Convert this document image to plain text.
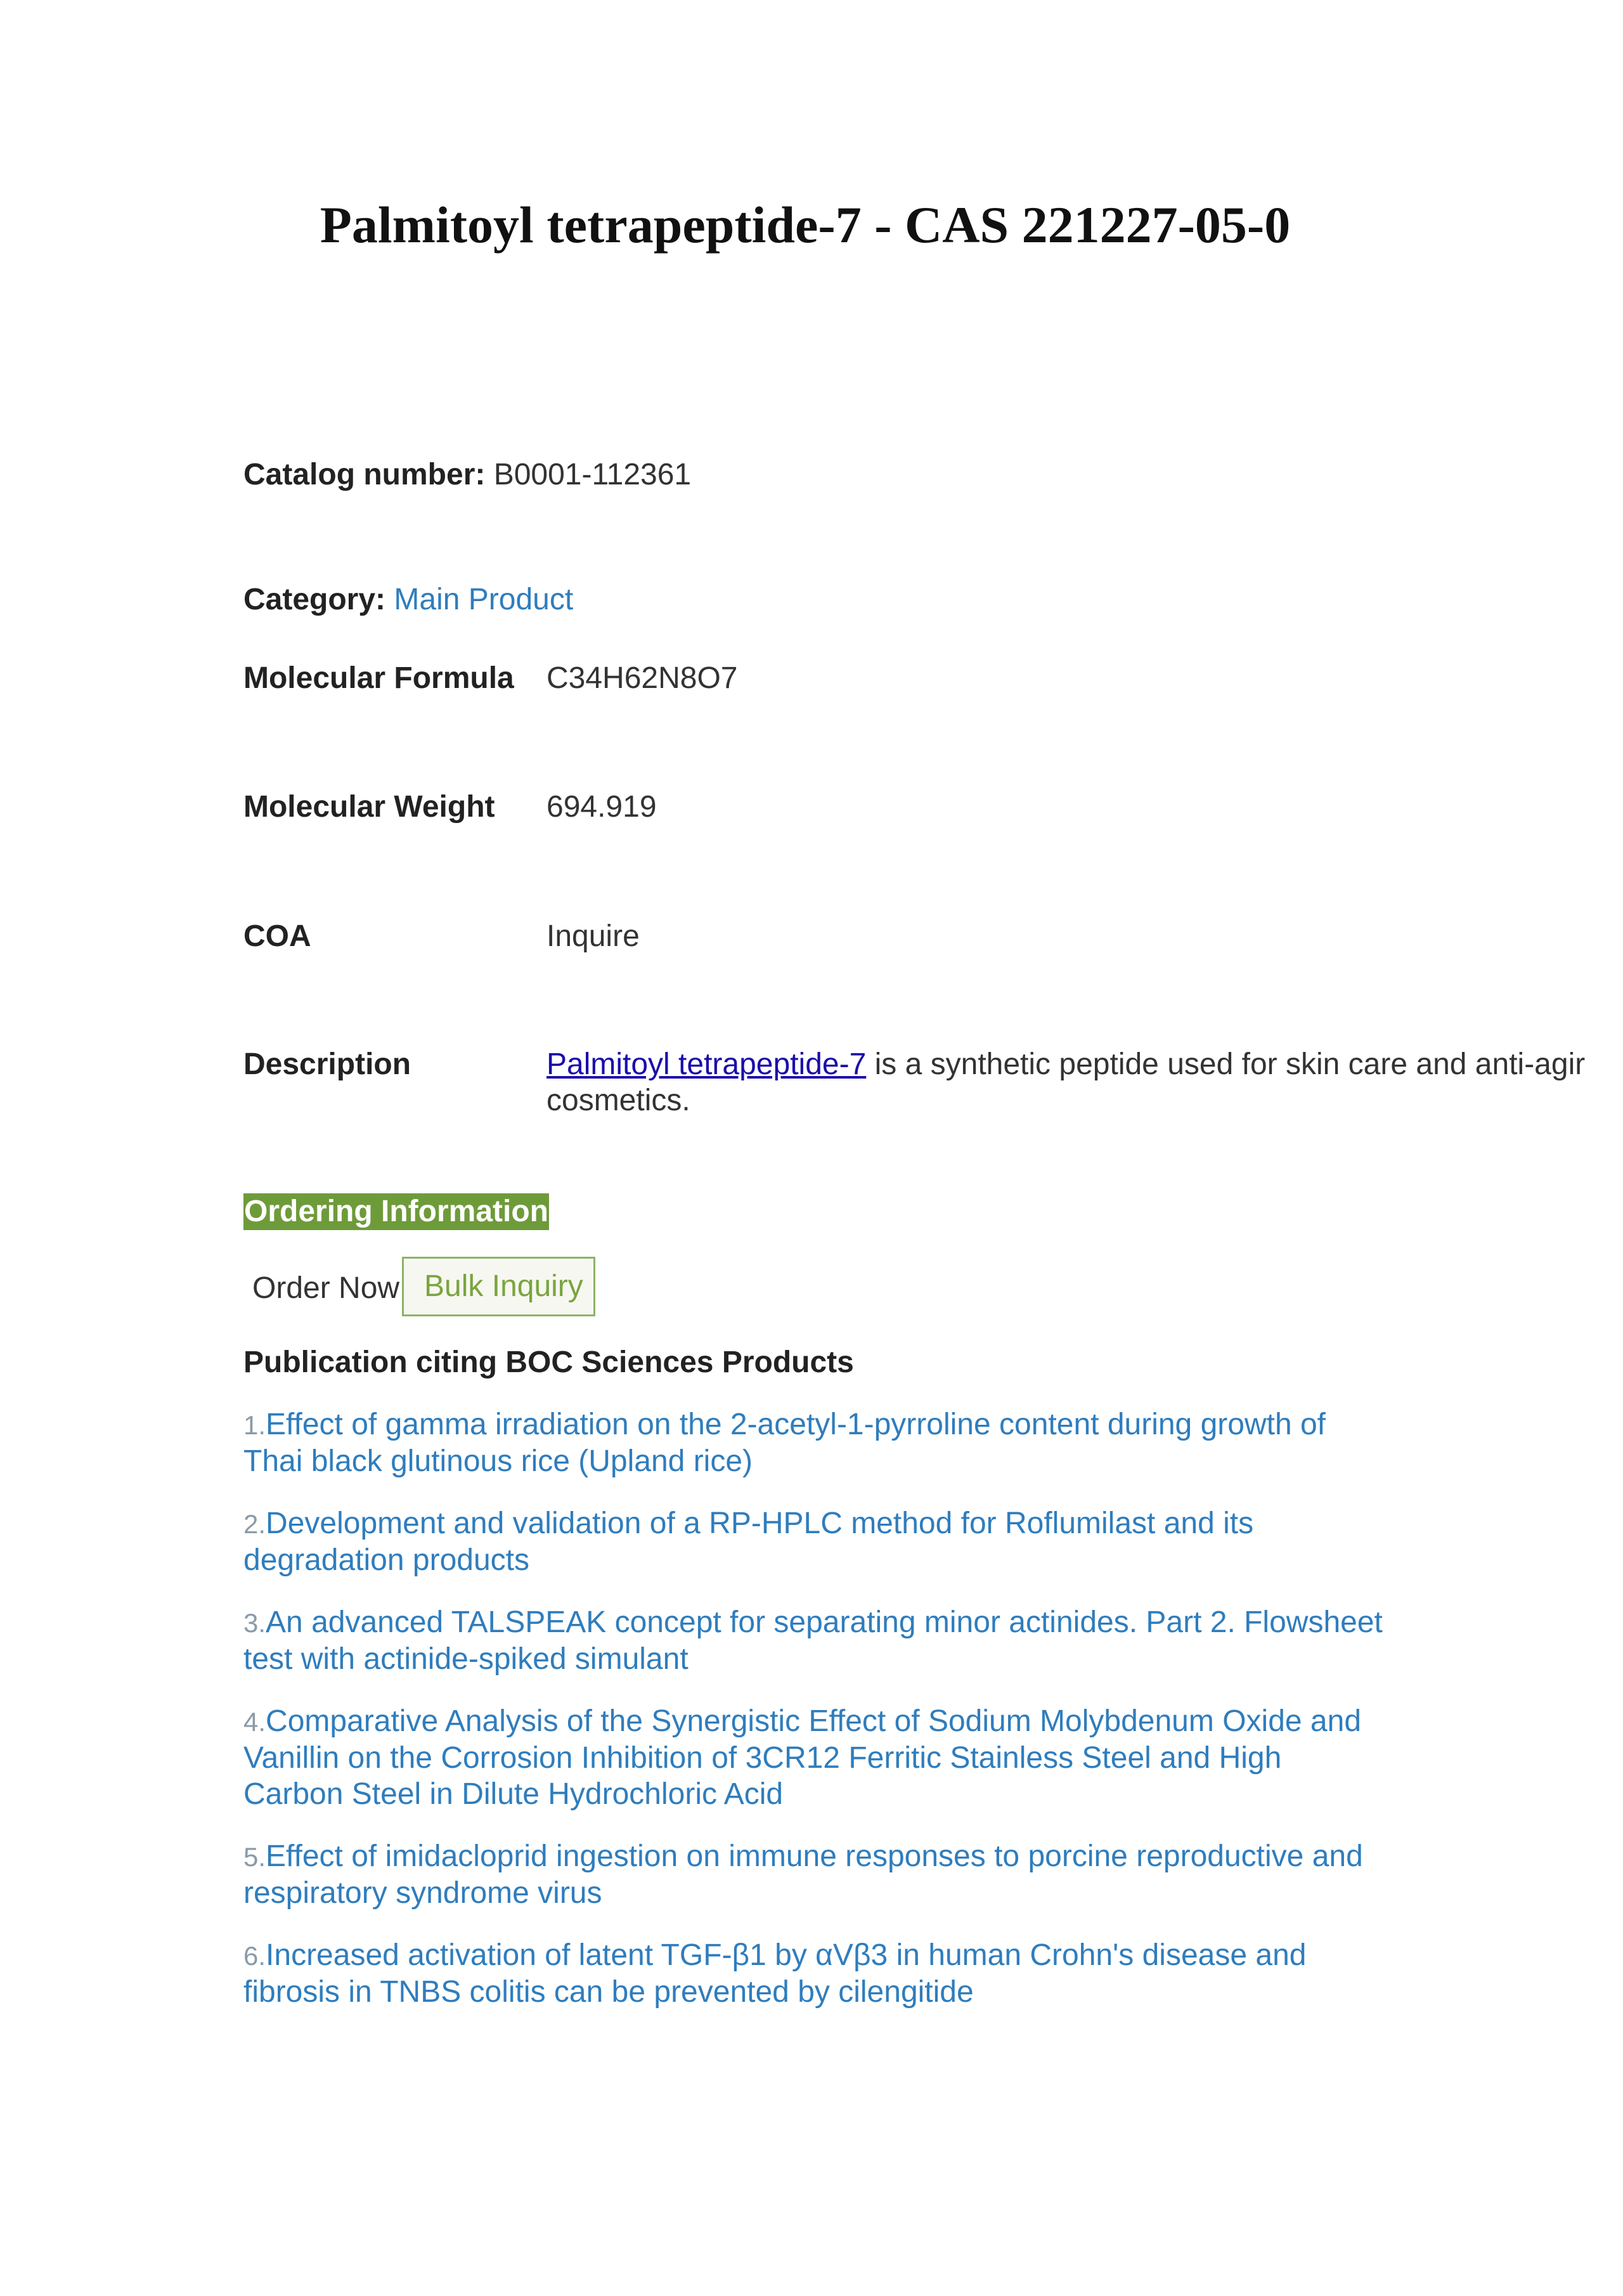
Palmitoyl tetrapeptide-7 - CAS 221227-05-0
Catalog number: B0001-112361
Category: Main Product
Molecular Formula C34H62N8O7
Molecular Weight 694.919
COA	Inquire
Description	Palmitoyl tetrapeptide-7 is a synthetic peptide used for skin care and anti-agir
cosmetics.
Ordering Information
Order Now Bulk Inquiry
Publication citing BOC Sciences Products
1.Effect of gamma irradiation on the 2-acetyl-1-pyrroline content during growth of Thai black glutinous rice (Upland rice)
2.Development and validation of a RP-HPLC method for Roflumilast and its degradation products
3.An advanced TALSPEAK concept for separating minor actinides. Part 2. Flowsheet test with actinide-spiked simulant
4.Comparative Analysis of the Synergistic Effect of Sodium Molybdenum Oxide and Vanillin on the Corrosion Inhibition of 3CR12 Ferritic Stainless Steel and High Carbon Steel in Dilute Hydrochloric Acid
5.Effect of imidacloprid ingestion on immune responses to porcine reproductive and respiratory syndrome virus
6.Increased activation of latent TGF-β1 by αVβ3 in human Crohn's disease and fibrosis in TNBS colitis can be prevented by cilengitide
